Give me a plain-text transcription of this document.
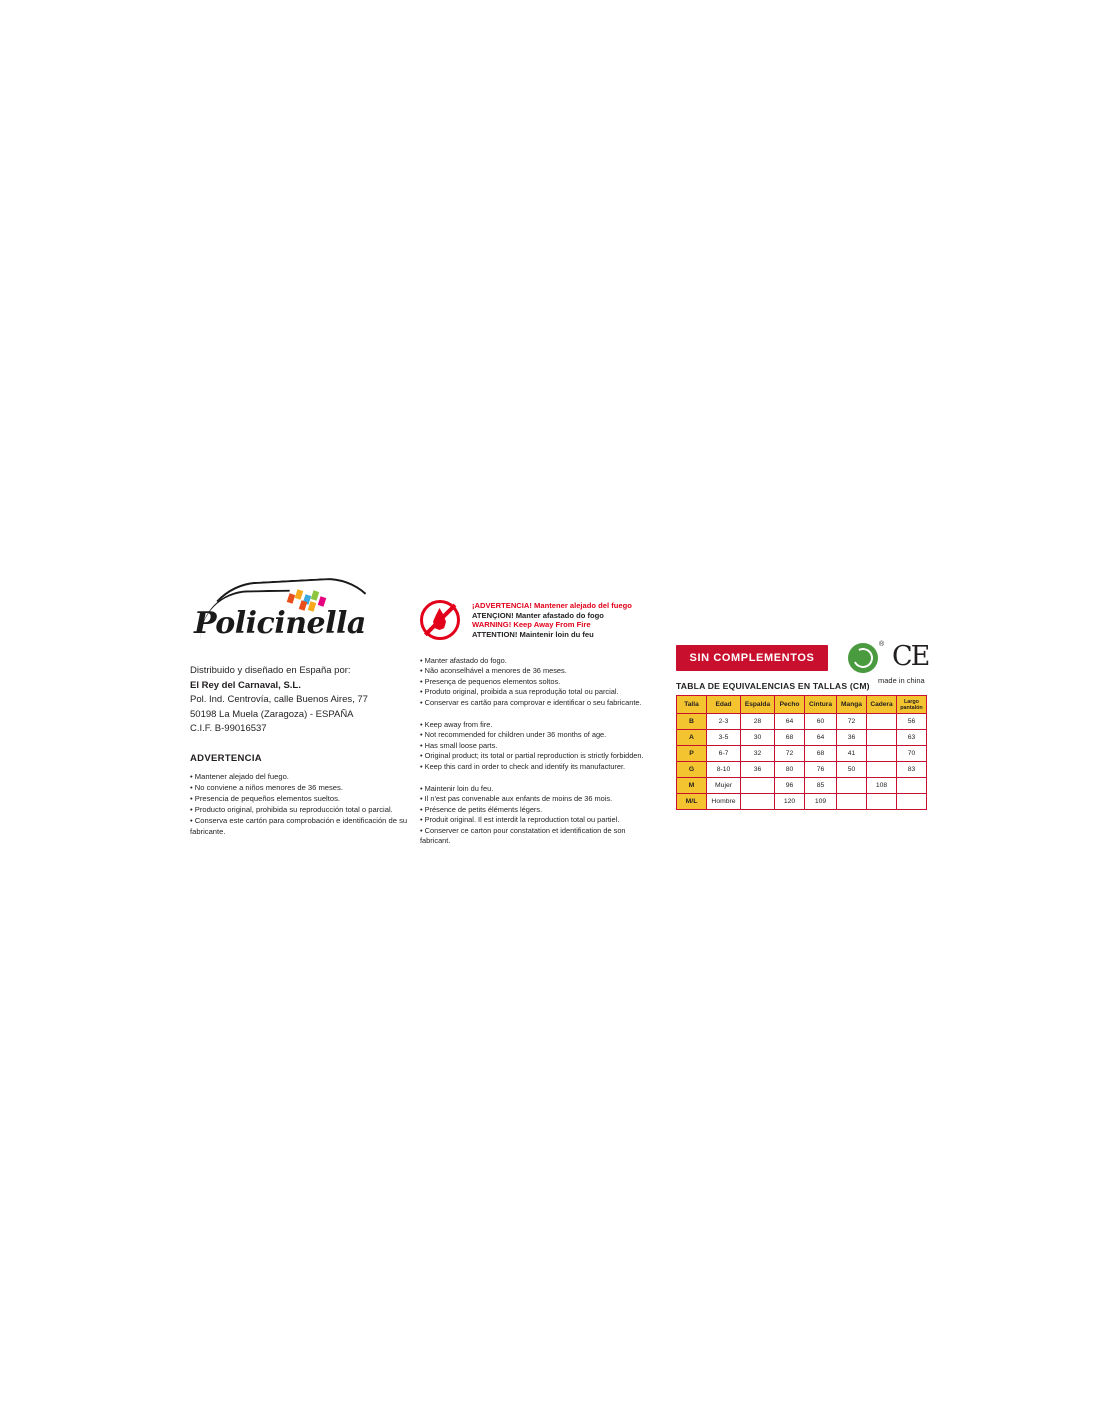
Policinella
Distribuido y diseñado en España por:
El Rey del Carnaval, S.L.
Pol. Ind. Centrovía, calle Buenos Aires, 77
50198 La Muela (Zaragoza) - ESPAÑA
C.I.F. B-99016537
ADVERTENCIA
• Mantener alejado del fuego.
• No conviene a niños menores de 36 meses.
• Presencia de pequeños elementos sueltos.
• Producto original, prohibida su reproducción total o parcial.
• Conserva este cartón para comprobación e identificación de su fabricante.
¡ADVERTENCIA! Mantener alejado del fuego
ATENÇION! Manter afastado do fogo
WARNING! Keep Away From Fire
ATTENTION! Maintenir loin du feu
• Manter afastado do fogo.
• Não aconselhável a menores de 36 meses.
• Presença de pequenos elementos soltos.
• Produto original, proibida a sua reprodução total ou parcial.
• Conservar es cartão para comprovar e identificar o seu fabricante.
• Keep away from fire.
• Not recommended for children under 36 months of age.
• Has small loose parts.
• Original product; its total or partial reproduction is strictly forbidden.
• Keep this card in order to check and identify its manufacturer.
• Maintenir loin du feu.
• Il n'est pas convenable aux enfants de moins de 36 mois.
• Présence de petits éléments légers.
• Produit original. Il est interdit la reproduction total ou partiel.
• Conserver ce carton pour constatation et identification de son
fabricant.
SIN COMPLEMENTOS
® CE
made in china
TABLA DE EQUIVALENCIAS EN TALLAS (CM)
Talla	Edad	Espalda	Pecho	Cintura	Manga	Cadera	Largo pantalón
B	2-3	28	64	60	72		56
A	3-5	30	68	64	36		63
P	6-7	32	72	68	41		70
G	8-10	36	80	76	50		83
M	Mujer		96	85		108	
M/L	Hombre		120	109			
